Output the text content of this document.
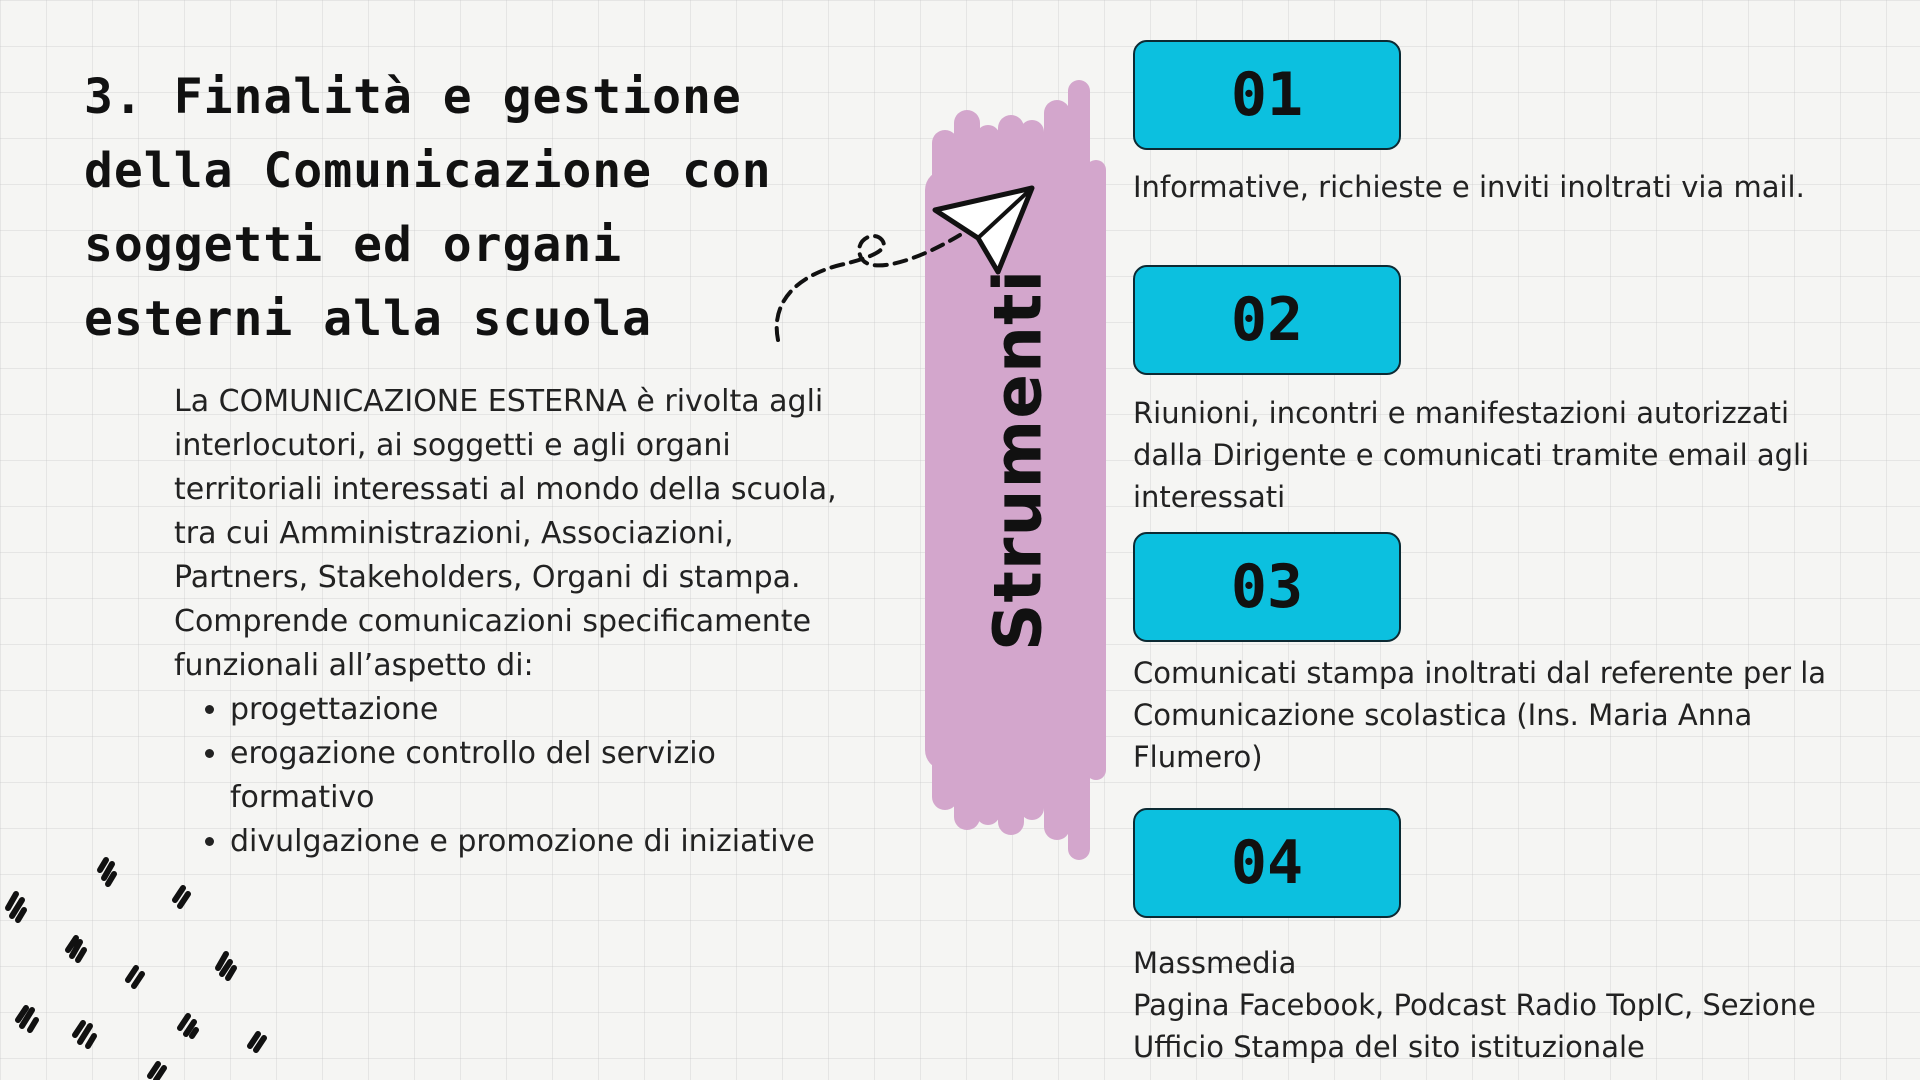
3. Finalità e gestione della Comunicazione con soggetti ed organi esterni alla scuola

La COMUNICAZIONE ESTERNA è rivolta agli interlocutori, ai soggetti e agli organi territoriali interessati al mondo della scuola, tra cui Amministrazioni, Associazioni, Partners, Stakeholders, Organi di stampa.

Comprende comunicazioni specificamente funzionali all’aspetto di:

• progettazione
• erogazione controllo del servizio formativo
• divulgazione e promozione di iniziative
Strumenti
01
Informative, richieste e inviti inoltrati via mail.
02
Riunioni, incontri e manifestazioni autorizzati dalla Dirigente e comunicati tramite email agli interessati
03
Comunicati stampa inoltrati dal referente per la Comunicazione scolastica (Ins. Maria Anna Flumero)
04
Massmedia
Pagina Facebook, Podcast Radio TopIC, Sezione Ufficio Stampa del sito istituzionale
